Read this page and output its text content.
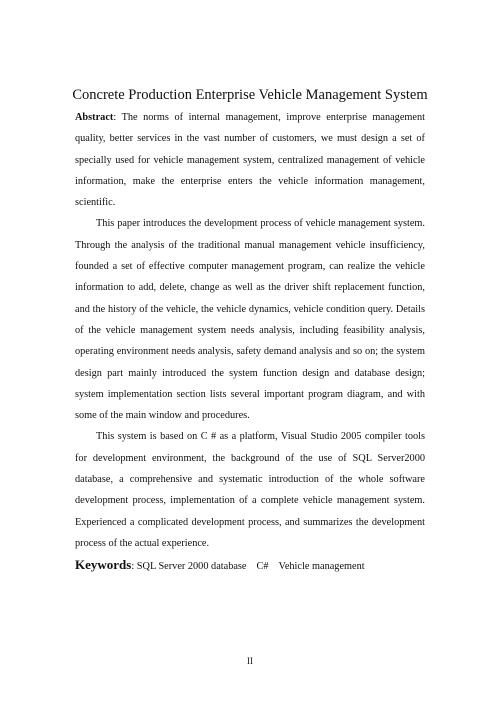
Concrete Production Enterprise Vehicle Management System

Abstract: The norms of internal management, improve enterprise management quality, better services in the vast number of customers, we must design a set of specially used for vehicle management system, centralized management of vehicle information, make the enterprise enters the vehicle information management, scientific.

This paper introduces the development process of vehicle management system. Through the analysis of the traditional manual management vehicle insufficiency, founded a set of effective computer management program, can realize the vehicle information to add, delete, change as well as the driver shift replacement function, and the history of the vehicle, the vehicle dynamics, vehicle condition query. Details of the vehicle management system needs analysis, including feasibility analysis, operating environment needs analysis, safety demand analysis and so on; the system design part mainly introduced the system function design and database design; system implementation section lists several important program diagram, and with some of the main window and procedures.

This system is based on C # as a platform, Visual Studio 2005 compiler tools for development environment, the background of the use of SQL Server2000 database, a comprehensive and systematic introduction of the whole software development process, implementation of a complete vehicle management system. Experienced a complicated development process, and summarizes the development process of the actual experience.

Keywords: SQL Server 2000 database C# Vehicle management
II
